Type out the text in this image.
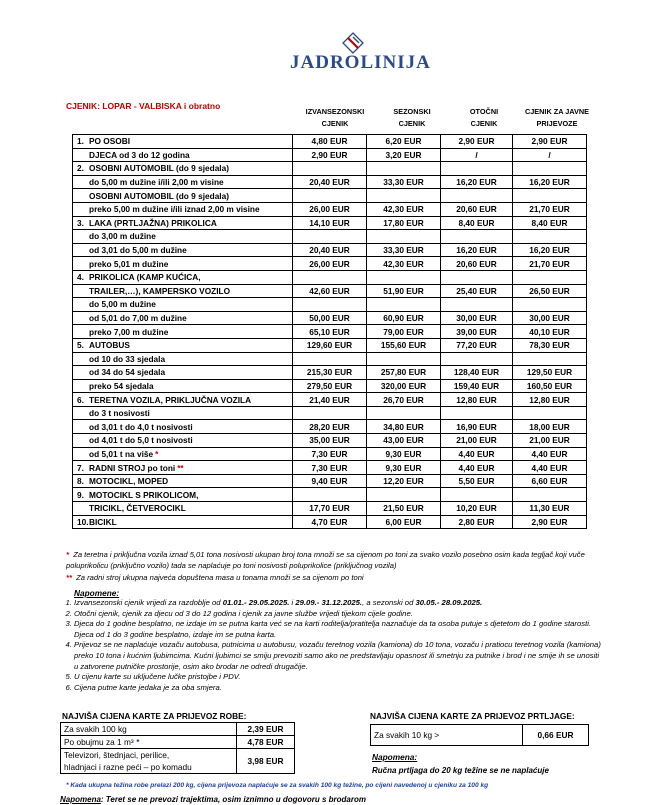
JADROLINIJA
CJENIK: LOPAR - VALBISKA i obratno
IZVANSEZONSKI
CJENIK
SEZONSKI
CJENIK
OTOČNI
CJENIK
CJENIK ZA JAVNE
PRIJEVOZE
1. PO OSOBI	4,80 EUR	6,20 EUR	2,90 EUR	2,90 EUR
DJECA od 3 do 12 godina	2,90 EUR	3,20 EUR	/	/
2. OSOBNI AUTOMOBIL (do 9 sjedala)				
do 5,00 m dužine i/ili 2,00 m visine	20,40 EUR	33,30 EUR	16,20 EUR	16,20 EUR
OSOBNI AUTOMOBIL (do 9 sjedala)				
preko 5,00 m dužine i/ili iznad 2,00 m visine	26,00 EUR	42,30 EUR	20,60 EUR	21,70 EUR
3. LAKA (PRTLJAŽNA) PRIKOLICA	14,10 EUR	17,80 EUR	8,40 EUR	8,40 EUR
do 3,00 m dužine				
od 3,01 do 5,00 m dužine	20,40 EUR	33,30 EUR	16,20 EUR	16,20 EUR
preko 5,01 m dužine	26,00 EUR	42,30 EUR	20,60 EUR	21,70 EUR
4. PRIKOLICA (KAMP KUĆICA,				
TRAILER,…), KAMPERSKO VOZILO	42,60 EUR	51,90 EUR	25,40 EUR	26,50 EUR
do 5,00 m dužine				
od 5,01 do 7,00 m dužine	50,00 EUR	60,90 EUR	30,00 EUR	30,00 EUR
preko 7,00 m dužine	65,10 EUR	79,00 EUR	39,00 EUR	40,10 EUR
5. AUTOBUS	129,60 EUR	155,60 EUR	77,20 EUR	78,30 EUR
od 10 do 33 sjedala				
od 34 do 54 sjedala	215,30 EUR	257,80 EUR	128,40 EUR	129,50 EUR
preko 54 sjedala	279,50 EUR	320,00 EUR	159,40 EUR	160,50 EUR
6. TERETNA VOZILA, PRIKLJUČNA VOZILA	21,40 EUR	26,70 EUR	12,80 EUR	12,80 EUR
do 3 t nosivosti				
od 3,01 t do 4,0 t nosivosti	28,20 EUR	34,80 EUR	16,90 EUR	18,00 EUR
od 4,01 t do 5,0 t nosivosti	35,00 EUR	43,00 EUR	21,00 EUR	21,00 EUR
od 5,01 t na više *	7,30 EUR	9,30 EUR	4,40 EUR	4,40 EUR
7. RADNI STROJ po toni **	7,30 EUR	9,30 EUR	4,40 EUR	4,40 EUR
8. MOTOCIKL, MOPED	9,40 EUR	12,20 EUR	5,50 EUR	6,60 EUR
9. MOTOCIKL S PRIKOLICOM,				
TRICIKL, ČETVEROCIKL	17,70 EUR	21,50 EUR	10,20 EUR	11,30 EUR
10.BICIKL	4,70 EUR	6,00 EUR	2,80 EUR	2,90 EUR
* Za teretna i priključna vozila iznad 5,01 tona nosivosti ukupan broj tona množi se sa cijenom po toni za svako vozilo posebno osim kada tegljač koji vuče poluprikolicu (priključno vozilo) tada se naplaćuje po toni nosivosti poluprikolice (priključnog vozila)
** Za radni stroj ukupna najveća dopuštena masa u tonama množi se sa cijenom po toni
Napomene:
1. Izvansezonski cjenik vrijedi za razdoblje od 01.01.- 29.05.2025. i 29.09.- 31.12.2025., a sezonski od 30.05.- 28.09.2025.
2. Otočni cjenik, cjenik za djecu od 3 do 12 godina i cjenik za javne službe vrijedi tijekom cijele godine.
3. Djeca do 1 godine besplatno, ne izdaje im se putna karta već se na karti roditelja/pratitelja naznačuje da ta osoba putuje s djetetom do 1 godine starosti. Djeca od 1 do 3 godine besplatno, izdaje im se putna karta.
4. Prijevoz se ne naplaćuje vozaču autobusa, putnicima u autobusu, vozaču teretnog vozila (kamiona) do 10 tona, vozaču i pratiocu teretnog vozila (kamiona) preko 10 tona i kućnim ljubimcima. Kućni ljubimci se smiju prevoziti samo ako ne predstavljaju opasnost ili smetnju za putnike i brod i ne smije ih se unositi u zatvorene putničke prostorije, osim ako brodar ne odredi drugačije.
5. U cijenu karte su uključene lučke pristojbe i PDV.
6. Cijena putne karte jedaka je za oba smjera.
NAJVIŠA CIJENA KARTE ZA PRIJEVOZ ROBE:
Za svakih 100 kg	2,39 EUR
Po obujmu za 1 m³ *	4,78 EUR

Televizori, štednjaci, perilice,
hladnjaci i razne peći – po komadu	3,98 EUR
NAJVIŠA CIJENA KARTE ZA PRIJEVOZ PRTLJAGE:
Za svakih 10 kg >	0,66 EUR
Napomena:
Ručna prtljaga do 20 kg težine se ne naplaćuje
* Kada ukupna težina robe prelazi 200 kg, cijena prijevoza naplaćuje se za svakih 100 kg težine, po cijeni navedenoj u cjeniku za 100 kg
Napomena: Teret se ne prevozi trajektima, osim iznimno u dogovoru s brodarom
